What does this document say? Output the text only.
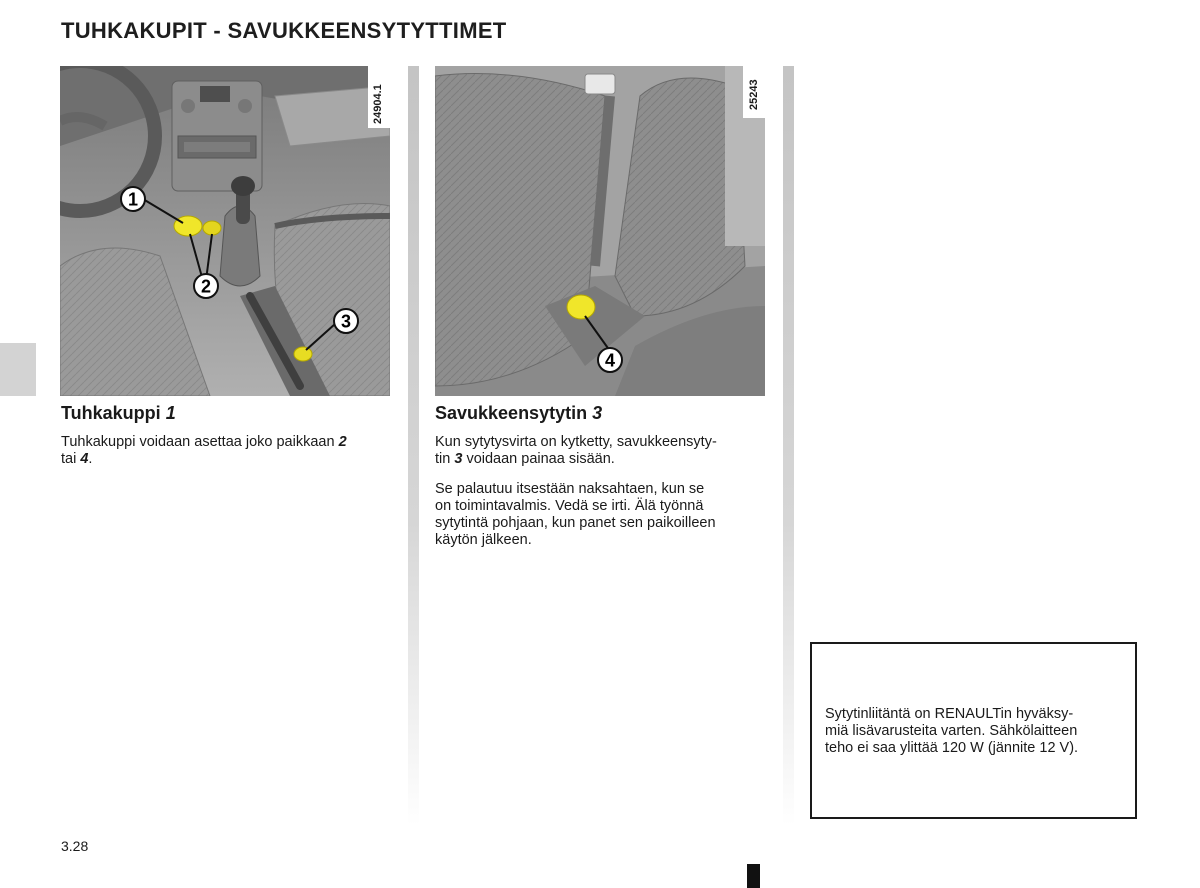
TUHKAKUPIT - SAVUKKEENSYTYTTIMET
1
2
3
24904.1
4
25243
Tuhkakuppi 1
Tuhkakuppi voidaan asettaa joko paikkaan 2
tai 4.
Savukkeensytytin 3
Kun sytytysvirta on kytketty, savukkeensyty-
tin 3 voidaan painaa sisään.
Se palautuu itsestään naksahtaen, kun se
on toimintavalmis. Vedä se irti. Älä työnnä
sytytintä pohjaan, kun panet sen paikoilleen
käytön jälkeen.
Sytytinliitäntä on RENAULTin hyväksy-
miä lisävarusteita varten. Sähkölaitteen
teho ei saa ylittää 120 W (jännite 12 V).
3.28
